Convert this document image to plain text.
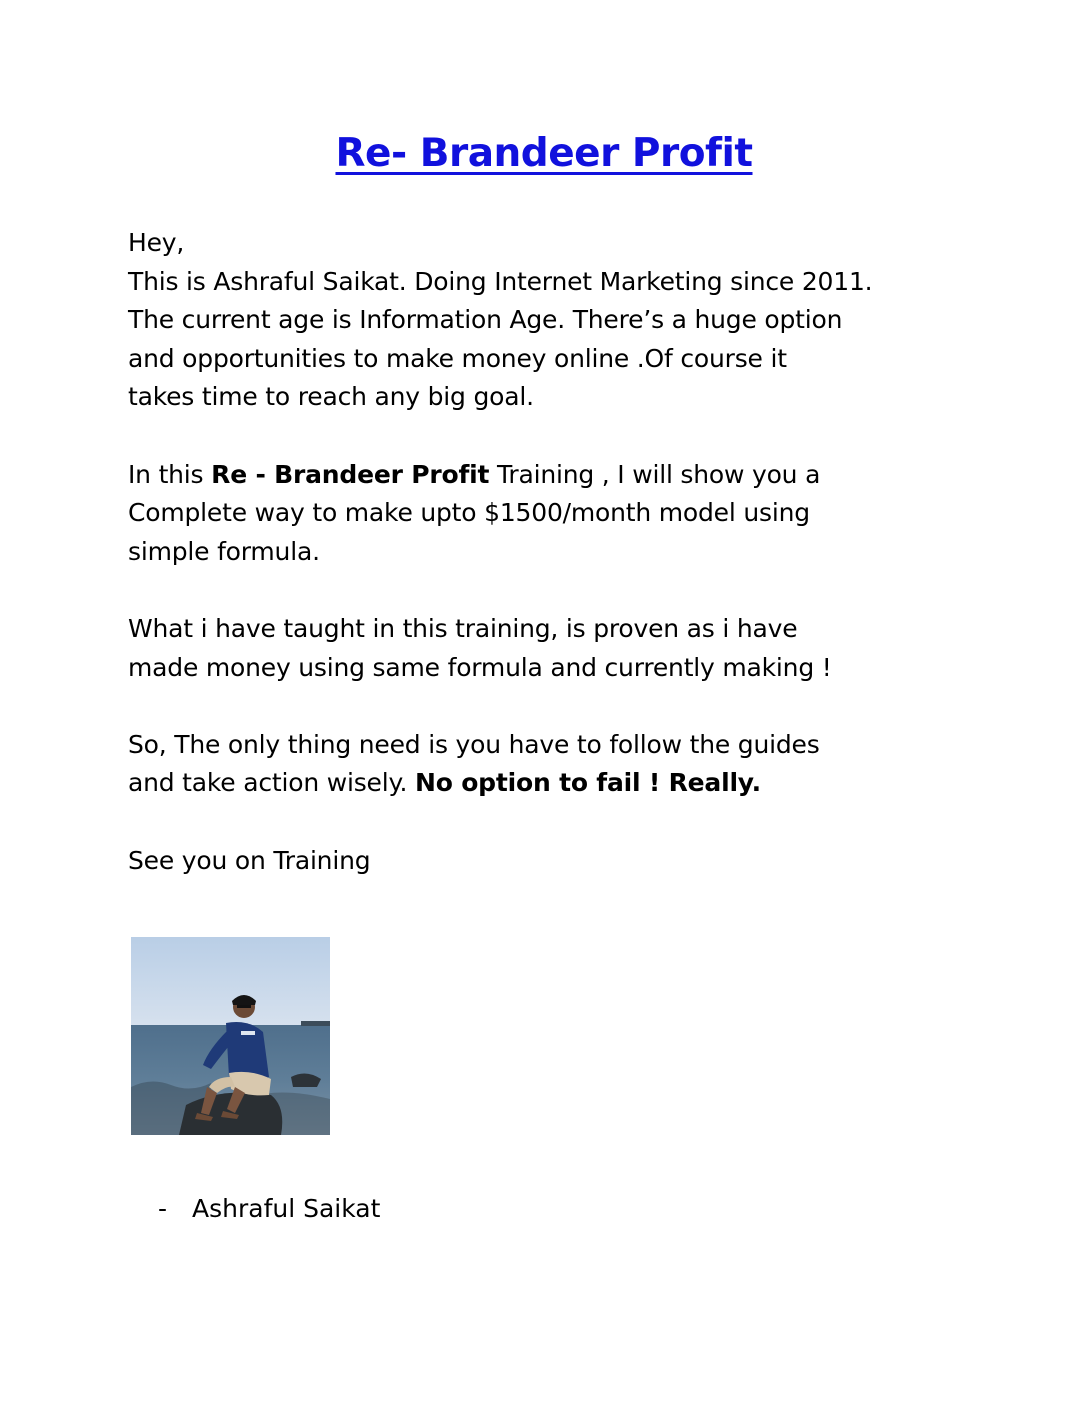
Re- Brandeer Profit

Hey,

This is Ashraful Saikat. Doing Internet Marketing since 2011.

The current age is Information Age. There’s a huge option

and opportunities to make money online .Of course it

takes time to reach any big goal.

In this Re - Brandeer Profit Training , I will show you a

Complete way to make upto $1500/month model using

simple formula.

What i have taught in this training, is proven as i have

made money using same formula and currently making !

So, The only thing need is you have to follow the guides

and take action wisely. No option to fail ! Really.

See you on Training

- Ashraful Saikat
